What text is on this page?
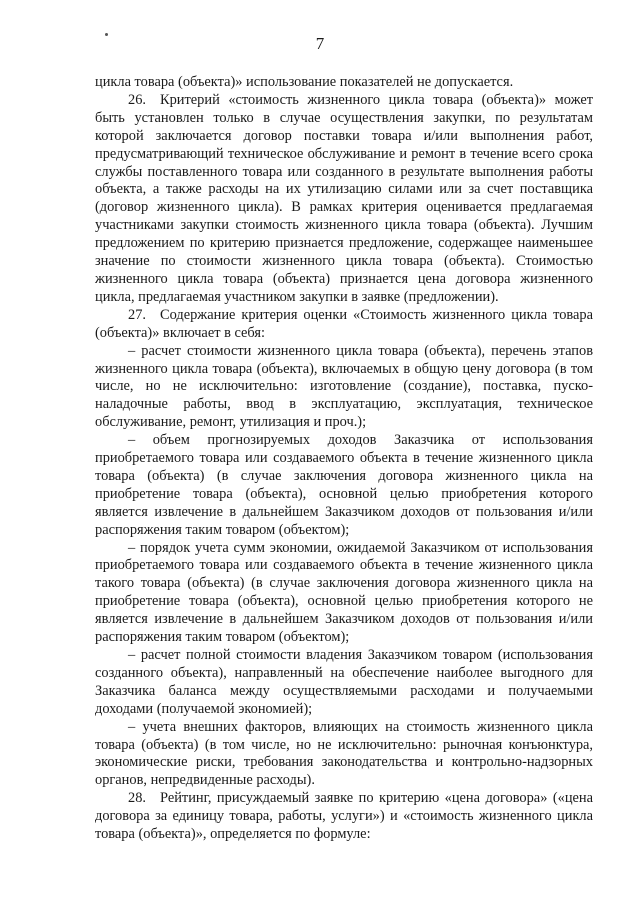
7

цикла товара (объекта)» использование показателей не допускается.

26. Критерий «стоимость жизненного цикла товара (объекта)» может быть установлен только в случае осуществления закупки, по результатам которой заключается договор поставки товара и/или выполнения работ, предусматривающий техническое обслуживание и ремонт в течение всего срока службы поставленного товара или созданного в результате выполнения работы объекта, а также расходы на их утилизацию силами или за счет поставщика (договор жизненного цикла). В рамках критерия оценивается предлагаемая участниками закупки стоимость жизненного цикла товара (объекта). Лучшим предложением по критерию признается предложение, содержащее наименьшее значение по стоимости жизненного цикла товара (объекта). Стоимостью жизненного цикла товара (объекта) признается цена договора жизненного цикла, предлагаемая участником закупки в заявке (предложении).

27. Содержание критерия оценки «Стоимость жизненного цикла товара (объекта)» включает в себя:

– расчет стоимости жизненного цикла товара (объекта), перечень этапов жизненного цикла товара (объекта), включаемых в общую цену договора (в том числе, но не исключительно: изготовление (создание), поставка, пуско-наладочные работы, ввод в эксплуатацию, эксплуатация, техническое обслуживание, ремонт, утилизация и проч.);

– объем прогнозируемых доходов Заказчика от использования приобретаемого товара или создаваемого объекта в течение жизненного цикла товара (объекта) (в случае заключения договора жизненного цикла на приобретение товара (объекта), основной целью приобретения которого является извлечение в дальнейшем Заказчиком доходов от пользования и/или распоряжения таким товаром (объектом);

– порядок учета сумм экономии, ожидаемой Заказчиком от использования приобретаемого товара или создаваемого объекта в течение жизненного цикла такого товара (объекта) (в случае заключения договора жизненного цикла на приобретение товара (объекта), основной целью приобретения которого не является извлечение в дальнейшем Заказчиком доходов от пользования и/или распоряжения таким товаром (объектом);

– расчет полной стоимости владения Заказчиком товаром (использования созданного объекта), направленный на обеспечение наиболее выгодного для Заказчика баланса между осуществляемыми расходами и получаемыми доходами (получаемой экономией);

– учета внешних факторов, влияющих на стоимость жизненного цикла товара (объекта) (в том числе, но не исключительно: рыночная конъюнктура, экономические риски, требования законодательства и контрольно-надзорных органов, непредвиденные расходы).

28. Рейтинг, присуждаемый заявке по критерию «цена договора» («цена договора за единицу товара, работы, услуги») и «стоимость жизненного цикла товара (объекта)», определяется по формуле:
